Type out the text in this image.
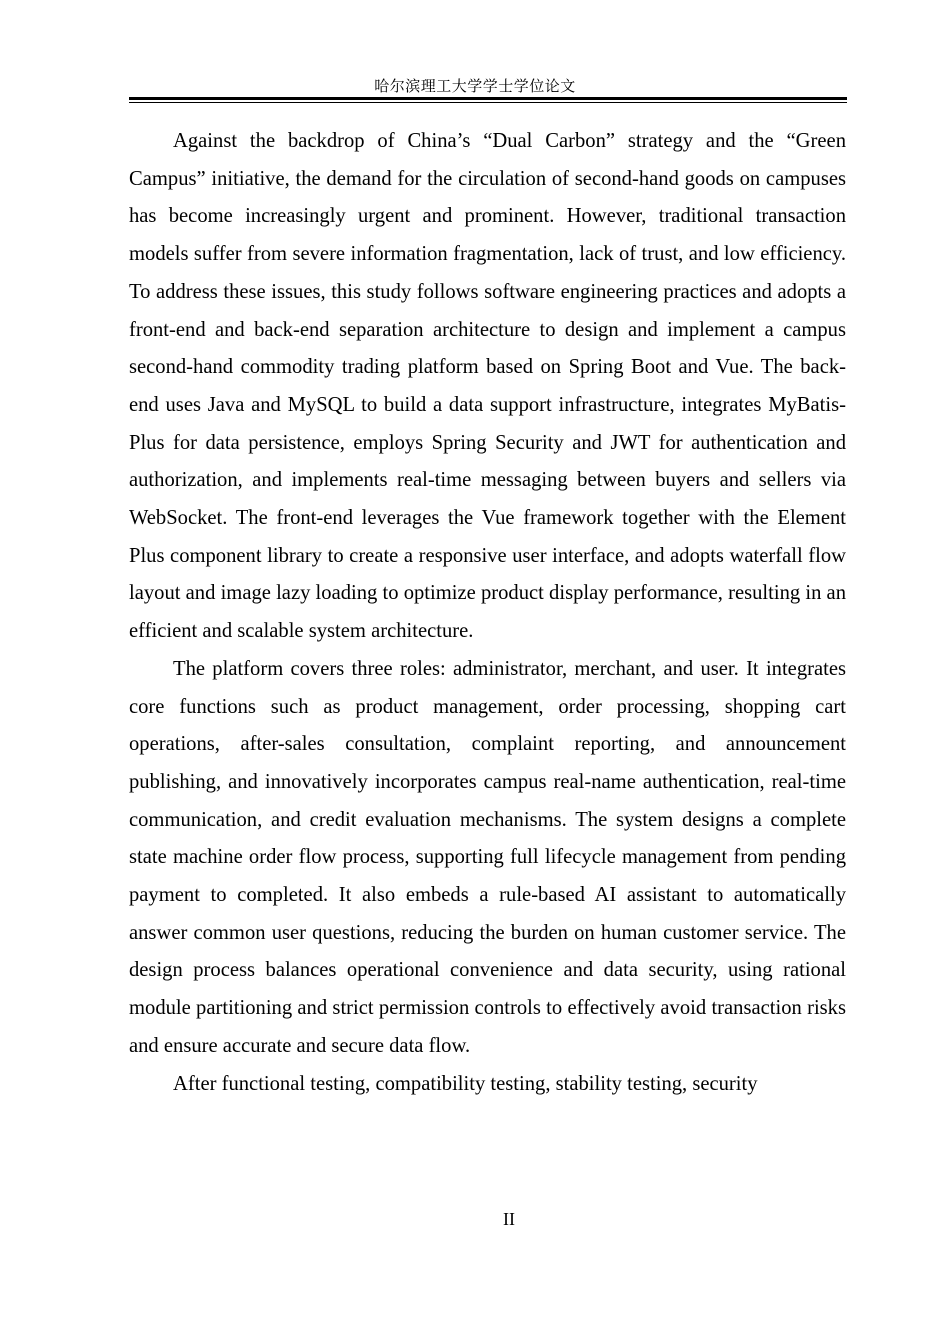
哈尔滨理工大学学士学位论文

Against the backdrop of China’s “Dual Carbon” strategy and the “Green Campus” initiative, the demand for the circulation of second-hand goods on campuses has become increasingly urgent and prominent. However, traditional transaction models suffer from severe information fragmentation, lack of trust, and low efficiency. To address these issues, this study follows software engineering practices and adopts a front-end and back-end separation architecture to design and implement a campus second-hand commodity trading platform based on Spring Boot and Vue. The back-end uses Java and MySQL to build a data support infrastructure, integrates MyBatis-Plus for data persistence, employs Spring Security and JWT for authentication and authorization, and implements real-time messaging between buyers and sellers via WebSocket. The front-end leverages the Vue framework together with the Element Plus component library to create a responsive user interface, and adopts waterfall flow layout and image lazy loading to optimize product display performance, resulting in an efficient and scalable system architecture.

The platform covers three roles: administrator, merchant, and user. It integrates core functions such as product management, order processing, shopping cart operations, after-sales consultation, complaint reporting, and announcement publishing, and innovatively incorporates campus real-name authentication, real-time communication, and credit evaluation mechanisms. The system designs a complete state machine order flow process, supporting full lifecycle management from pending payment to completed. It also embeds a rule-based AI assistant to automatically answer common user questions, reducing the burden on human customer service. The design process balances operational convenience and data security, using rational module partitioning and strict permission controls to effectively avoid transaction risks and ensure accurate and secure data flow.

After functional testing, compatibility testing, stability testing, security

II
